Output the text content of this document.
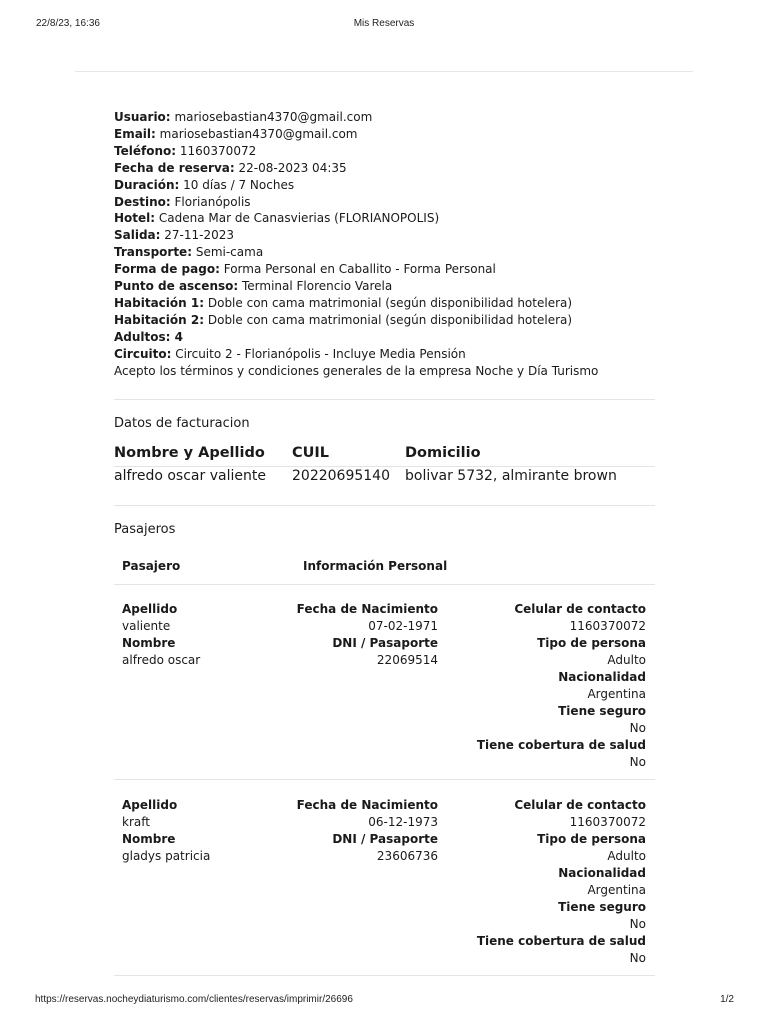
22/8/23, 16:36	Mis Reservas
Usuario: mariosebastian4370@gmail.com
Email: mariosebastian4370@gmail.com
Teléfono: 1160370072
Fecha de reserva: 22-08-2023 04:35
Duración: 10 días / 7 Noches
Destino: Florianópolis
Hotel: Cadena Mar de Canasvierias (FLORIANOPOLIS)
Salida: 27-11-2023
Transporte: Semi-cama
Forma de pago: Forma Personal en Caballito - Forma Personal
Punto de ascenso: Terminal Florencio Varela
Habitación 1: Doble con cama matrimonial (según disponibilidad hotelera)
Habitación 2: Doble con cama matrimonial (según disponibilidad hotelera)
Adultos: 4
Circuito: Circuito 2 - Florianópolis - Incluye Media Pensión
Acepto los términos y condiciones generales de la empresa Noche y Día Turismo
Datos de facturacion
Nombre y Apellido CUIL	Domicilio
alfredo oscar valiente 20220695140 bolivar 5732, almirante brown
Pasajeros
Pasajero	Información Personal
Apellido
valiente
Nombre
alfredo oscar
Fecha de Nacimiento
07-02-1971
DNI / Pasaporte
22069514
Celular de contacto
1160370072
Tipo de persona
Adulto
Nacionalidad
Argentina
Tiene seguro
No
Tiene cobertura de salud
No
Apellido
kraft
Nombre
gladys patricia
Fecha de Nacimiento
06-12-1973
DNI / Pasaporte
23606736
Celular de contacto
1160370072
Tipo de persona
Adulto
Nacionalidad
Argentina
Tiene seguro
No
Tiene cobertura de salud
No
https://reservas.nocheydiaturismo.com/clientes/reservas/imprimir/26696	1/2
